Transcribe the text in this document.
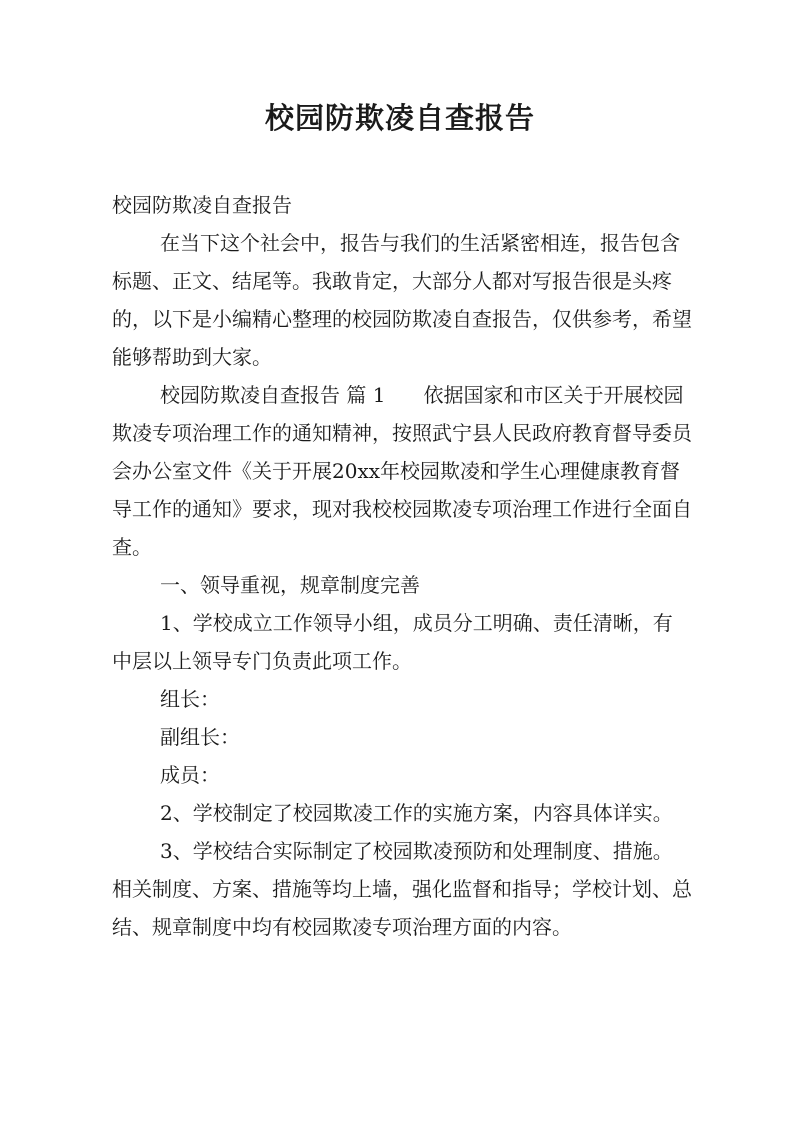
校园防欺凌自查报告

校园防欺凌自查报告

在当下这个社会中，报告与我们的生活紧密相连，报告包含标题、正文、结尾等。我敢肯定，大部分人都对写报告很是头疼的，以下是小编精心整理的校园防欺凌自查报告，仅供参考，希望能够帮助到大家。

校园防欺凌自查报告 篇 1 依据国家和市区关于开展校园欺凌专项治理工作的通知精神，按照武宁县人民政府教育督导委员会办公室文件《关于开展20xx年校园欺凌和学生心理健康教育督导工作的通知》要求，现对我校校园欺凌专项治理工作进行全面自查。

一、领导重视，规章制度完善

1、学校成立工作领导小组，成员分工明确、责任清晰，有中层以上领导专门负责此项工作。

组长：

副组长：

成员：

2、学校制定了校园欺凌工作的实施方案，内容具体详实。

3、学校结合实际制定了校园欺凌预防和处理制度、措施。相关制度、方案、措施等均上墙，强化监督和指导；学校计划、总结、规章制度中均有校园欺凌专项治理方面的内容。
